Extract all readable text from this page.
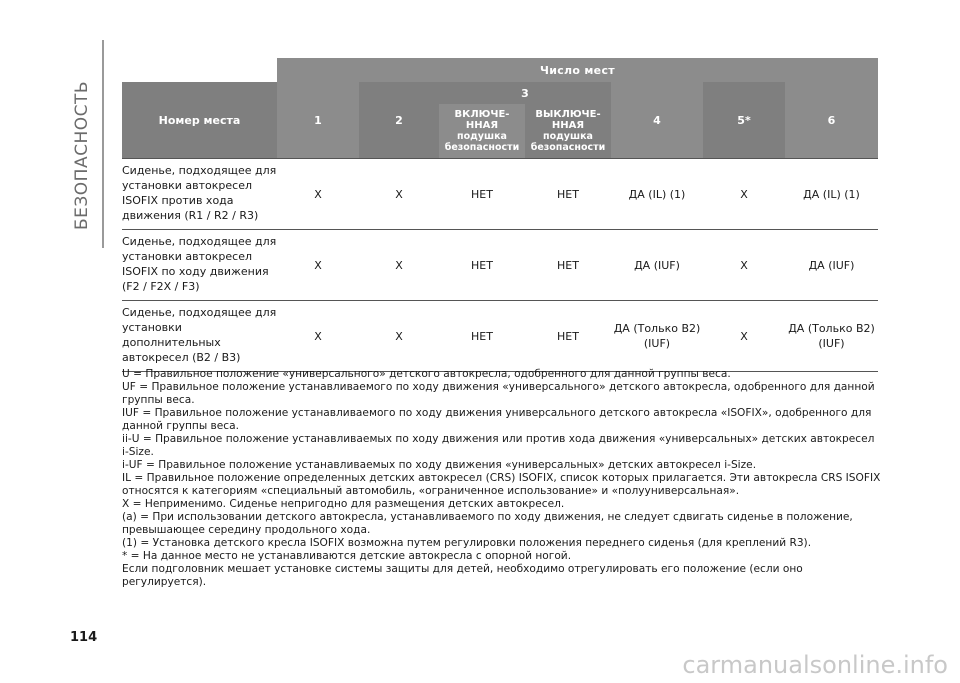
БЕЗОПАСНОСТЬ
	Число мест						
Номер места	1	2	3		4	5*	6
			ВКЛЮЧЕ-
ННАЯ
подушка
безопасности	ВЫКЛЮЧЕ-
ННАЯ
подушка
безопасности			

Сиденье, подходящее для установки автокресел ISOFIX против хода движения (R1 / R2 / R3)	X	X	НЕТ	НЕТ	ДА (IL) (1)	X	ДА (IL) (1)
Сиденье, подходящее для установки автокресел ISOFIX по ходу движения (F2 / F2X / F3)	X	X	НЕТ	НЕТ	ДА (IUF)	X	ДА (IUF)
Сиденье, подходящее для установки дополнительных автокресел (B2 / B3)	X	X	НЕТ	НЕТ	ДА (Только B2) (IUF)	X	ДА (Только B2) (IUF)

U = Правильное положение «универсального» детского автокресла, одобренного для данной группы веса.

UF = Правильное положение устанавливаемого по ходу движения «универсального» детского автокресла, одобренного для данной группы веса.

IUF = Правильное положение устанавливаемого по ходу движения универсального детского автокресла «ISOFIX», одобренного для данной группы веса.

ii-U = Правильное положение устанавливаемых по ходу движения или против хода движения «универсальных» детских автокресел i-Size.

i-UF = Правильное положение устанавливаемых по ходу движения «универсальных» детских автокресел i-Size.

IL = Правильное положение определенных детских автокресел (CRS) ISOFIX, список которых прилагается. Эти автокресла CRS ISOFIX относятся к категориям «специальный автомобиль, «ограниченное использование» и «полууниверсальная».

X = Неприменимо. Сиденье непригодно для размещения детских автокресел.

(a) = При использовании детского автокресла, устанавливаемого по ходу движения, не следует сдвигать сиденье в положение, превышающее середину продольного хода.

(1) = Установка детского кресла ISOFIX возможна путем регулировки положения переднего сиденья (для креплений R3).

* = На данное место не устанавливаются детские автокресла с опорной ногой.

Если подголовник мешает установке системы защиты для детей, необходимо отрегулировать его положение (если оно регулируется).

114
carmanualsonline.info
